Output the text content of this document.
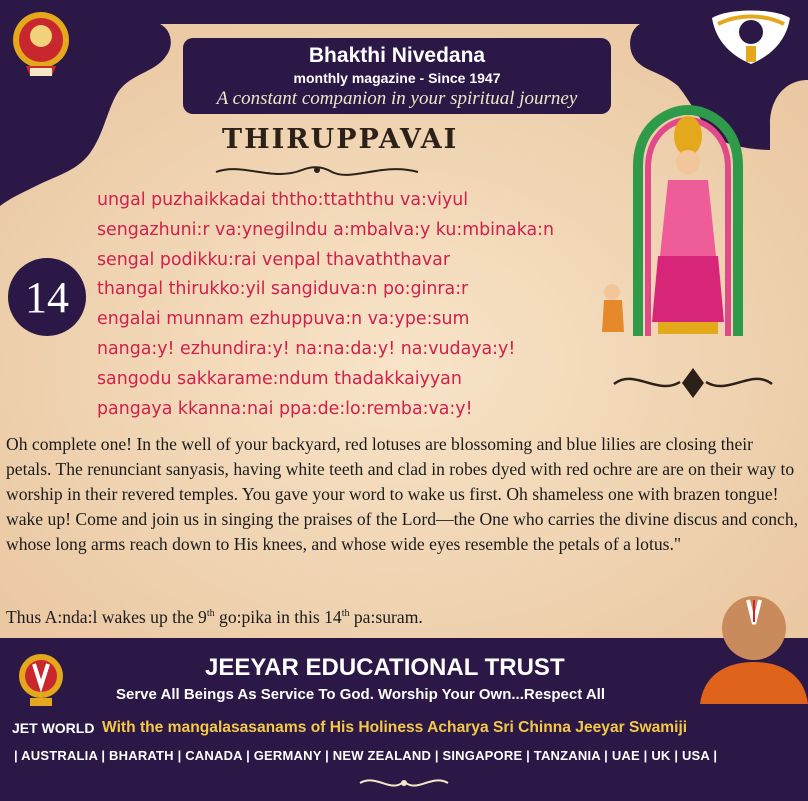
Bhakthi Nivedana
monthly magazine - Since 1947
A constant companion in your spiritual journey
THIRUPPAVAI
14
ungal puzhaikkadai ththo:ttaththu va:viyul
sengazhuni:r va:ynegilndu a:mbalva:y ku:mbinaka:n
sengal podikku:rai venpal thavaththavar
thangal thirukko:yil sangiduva:n po:ginra:r
engalai munnam ezhuppuva:n va:ype:sum
nanga:y! ezhundira:y! na:na:da:y! na:vudaya:y!
sangodu sakkarame:ndum thadakkaiyyan
pangaya kkanna:nai ppa:de:lo:remba:va:y!

Oh complete one! In the well of your backyard, red lotuses are blossoming and blue lilies are closing their petals. The renunciant sanyasis, having white teeth and clad in robes dyed with red ochre are are on their way to worship in their revered temples. You gave your word to wake us first. Oh shameless one with brazen tongue! wake up! Come and join us in singing the praises of the Lord—the One who carries the divine discus and conch, whose long arms reach down to His knees, and whose wide eyes resemble the petals of a lotus."

Thus A:nda:l wakes up the 9th go:pika in this 14th pa:suram.
JEEYAR EDUCATIONAL TRUST
Serve All Beings As Service To God. Worship Your Own...Respect All
JET WORLD With the mangalasasanams of His Holiness Acharya Sri Chinna Jeeyar Swamiji
| AUSTRALIA | BHARATH | CANADA | GERMANY | NEW ZEALAND | SINGAPORE | TANZANIA | UAE | UK | USA |
